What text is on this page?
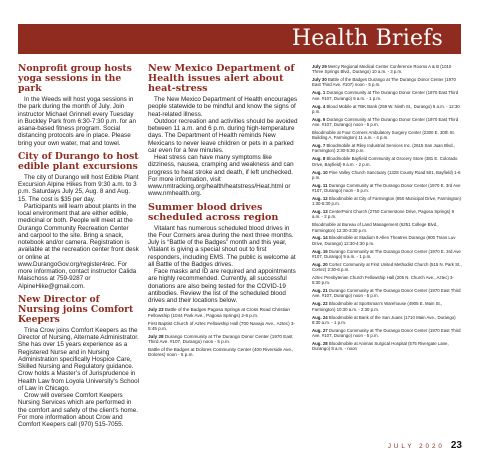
Health Briefs
Nonprofit group hosts yoga sessions in the park

In the Weeds will host yoga sessions in the park during the month of July. Join instructor Michael Grinnell every Tuesday in Buckley Park from 6:30-7:30 p.m. for an asana-based fitness program. Social distancing protocols are in place. Please bring your own water, mat and towel.

City of Durango to host edible plant excursions

The city of Durango will host Edible Plant Excursion Alpine Hikes from 9:30 a.m. to 3 p.m. Saturdays July 25, Aug. 8 and Aug. 15. The cost is $35 per day.

Participants will learn about plants in the local environment that are either edible, medicinal or both. People will meet at the Durango Community Recreation Center and carpool to the site. Bring a snack, notebook and/or camera. Registration is available at the recreation center front desk or online at www.DurangoGov.org/register4rec. For more information, contact instructor Calida Maischoss at 759-9287 or AlpineHike@gmail.com.

New Director of Nursing joins Comfort Keepers

Trina Crow joins Comfort Keepers as the Director of Nursing, Alternate Administrator. She has over 15 years experience as a Registered Nurse and in Nursing Administration specifically Hospice Care, Skilled Nursing and Regulatory guidance. Crow holds a Master’s of Jurisprudence in Health Law from Loyola University’s School of Law in Chicago.

Crow will oversee Comfort Keepers Nursing Services which are performed in the comfort and safety of the client’s home. For more information about Crow and Comfort Keepers call (970) 515-7055.

New Mexico Department of Health issues alert about heat-stress

The New Mexico Department of Health encourages people statewide to be mindful and know the signs of heat-related illness.

Outdoor recreation and activities should be avoided between 11 a.m. and 6 p.m. during high-temperature days. The Department of Health reminds New Mexicans to never leave children or pets in a parked car even for a few minutes.

Heat stress can have many symptoms like dizziness, nausea, cramping and weakness and can progress to heat stroke and death, if left unchecked. For more information, visit www.nmtracking.org/health/heatstress/Heat.html or www.nmhealth.org.

Summer blood drives scheduled across region

Vitalant has numerous scheduled blood drives in the Four Corners area during the next three months. July is “Battle of the Badges” month and this year, Vitalant is giving a special shout out to first responders, including EMS. The public is welcome at all Battle of the Badges drives.

Face masks and ID are required and appointments are highly recommended. Currently, all successful donations are also being tested for the COVID-19 antibodies. Review the list of the scheduled blood drives and their locations below.

July 23 Battle of the Badges Pagosa Springs at Cross Road Christian Fellowship (1044 Park Ave., Pagosa Springs) 2-6 p.m.
First Baptist Church of Aztec Fellowship Hall (700 Navajo Ave., Aztec) 3-5:45 p.m.
July 28 Durango Community at The Durango Donor Center (1970 East Third Ave. #107, Durango) noon - 5 p.m.
Battle of the Badges at Dolores Community Center (400 Riverside Ave., Dolores) noon - 5 p.m.
July 29 Mercy Regional Medical Center Conference Rooms A & B (1010 Three Springs Blvd., Durango) 10 a.m. - 3 p.m.
July 30 Battle of the Badges Durango at The Durango Donor Center (1970 East Third Ave. #107) noon - 5 p.m.
Aug. 1 Durango Community at The Durango Donor Center (1970 East Third Ave. #107, Durango) 9 a.m. - 1 p.m.
Aug. 4 Blood Mobile at TBK Bank (259 W. Ninth St., Durango) 8 a.m. - 12:30 p.m.
Aug. 6 Durango Community at The Durango Donor Center (1970 East Third Ave. #107, Durango) noon - 5 p.m.
Bloodmobile at Four Corners Ambulatory Surgery Center (2300 E. 30th St. Building A, Farmington) 11 a.m. - 4 p.m.
Aug. 7 Bloodmobile at Riley Industrial Services Inc. (2615 San Juan Blvd., Farmington) 2:30-5:30 p.m.
Aug. 8 Bloodmobile Bayfield Community at Grocery Store (381 E. Colorado Drive, Bayfield) 9 a.m. - 2 p.m.
Aug. 10 Pine Valley Church Sanctuary (1328 County Road 501, Bayfield) 1-6 p.m.
Aug. 11 Durango Community at The Durango Donor Center (1970 E. 3rd Ave #107, Durango) noon - 5 p.m.
Aug. 12 Bloodmobile at City of Farmington (850 Municipal Drive, Farmington) 1:30-5:30 p.m.
Aug. 13 CenterPoint Church (2750 Cornerstone Drive, Pagosa Springs) 9 a.m. - 2 p.m.
Bloodmobile at Bureau of Land Management (6251 College Blvd., Farmington) 12:30-3:30 p.m.
Aug. 14 Bloodmobile at Stadium 9 Allen Theatres Durango (900 Trans Luv Drive, Durango) 12:30-4:30 p.m.
Aug. 15 Durango Community at The Durango Donor Center (1970 E. 3rd Ave #107, Durango) 9 a.m. - 1 p.m.
Aug. 20 Cortez Community at First United Methodist Church (515 N. Park St., Cortez) 2:30-6 p.m.
Aztec Presbyterian Church Fellowship Hall (205 N. Church Ave., Aztec) 3-5:30 p.m.
Aug. 21 Durango Community at The Durango Donor Center (1970 East Third Ave. #107, Durango) noon - 5 p.m.
Aug. 22 Bloodmobile at Sportsman’s Warehouse (4905 E. Main St., Farmington) 10:30 a.m. - 2:30 p.m.
Aug. 24 Bloodmobile at Bank of the San Juans (1710 Main Ave., Durango) 8:30 a.m. - 1 p.m.
Aug. 27 Durango Community at The Durango Donor Center (1970 East Third Ave. #107, Durango) noon - 5 p.m.
Aug. 28 Bloodmobile at Animas Surgical Hospital (575 Rivergate Lane, Durango) 8 a.m. - noon
JULY 2020 23
